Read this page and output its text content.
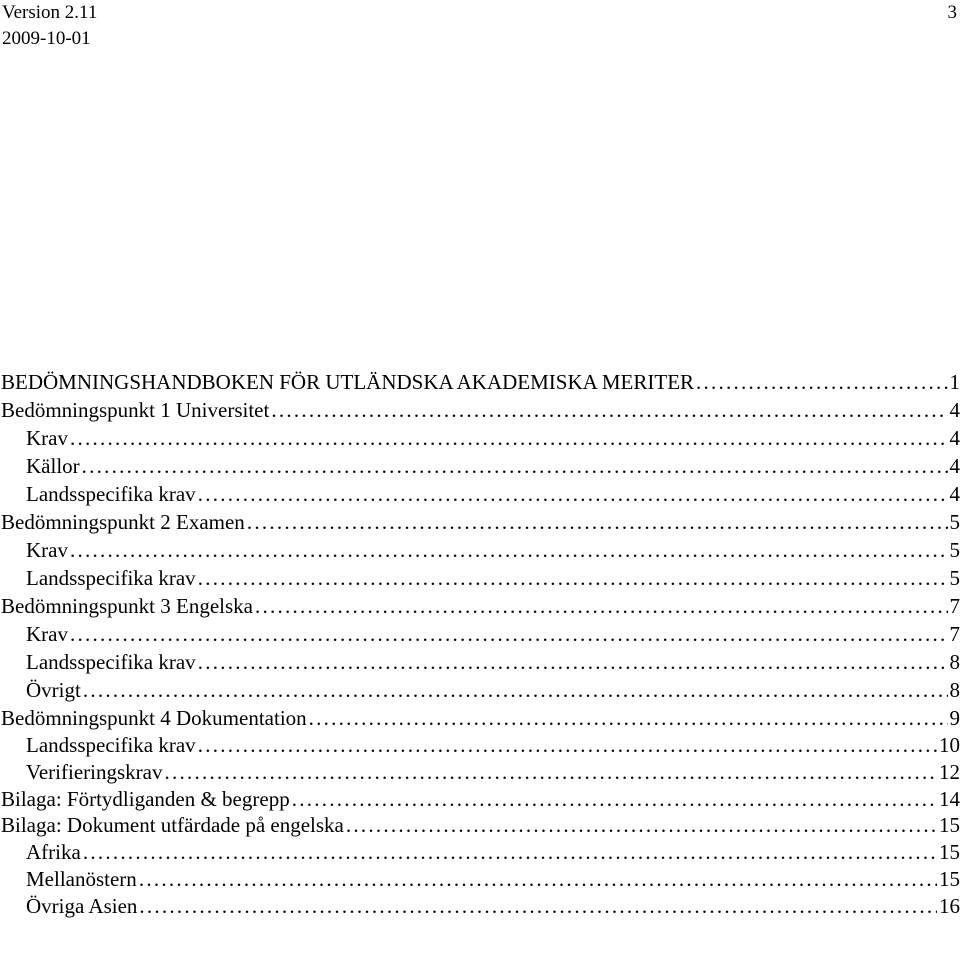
Version 2.11
2009-10-01
3
BEDÖMNINGSHANDBOKEN FÖR UTLÄNDSKA AKADEMISKA MERITER . . .	1
Bedömningspunkt 1 Universitet . . .	4
Krav . . .	4
Källor . . .	4
Landsspecifika krav . . .	4
Bedömningspunkt 2 Examen . . .	5
Krav . . .	5
Landsspecifika krav . . .	5
Bedömningspunkt 3 Engelska . . .	7
Krav . . .	7
Landsspecifika krav . . .	8
Övrigt . . .	8
Bedömningspunkt 4 Dokumentation . . .	9
Landsspecifika krav . . .	10
Verifieringskrav . . .	12
Bilaga: Förtydliganden & begrepp . . .	14
Bilaga: Dokument utfärdade på engelska . . .	15
Afrika . . .	15
Mellanöstern . . .	15
Övriga Asien . . .	16
